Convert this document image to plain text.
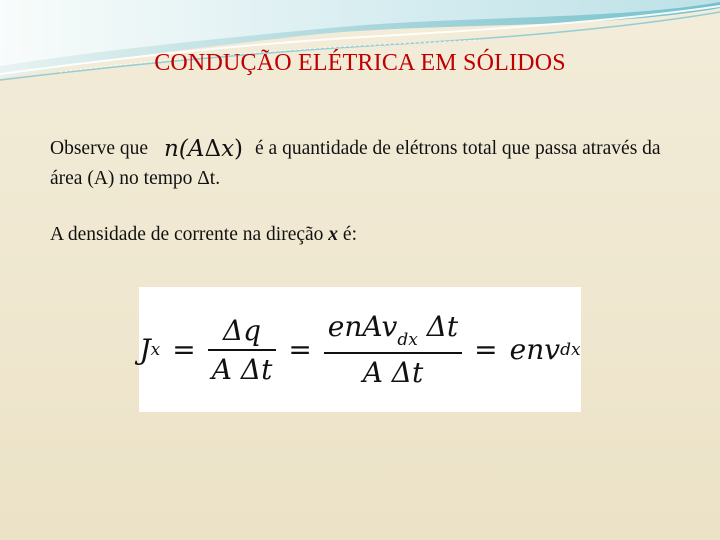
CONDUÇÃO ELÉTRICA EM SÓLIDOS

Observe que n(AΔx) é a quantidade de elétrons total que passa através da área (A) no tempo Δt.

A densidade de corrente na direção x é:

J $x = \frac{\Delta q}{\text{A Δt}} = \frac{enAv_{dx} \Delta t}{\text{A Δt}}$ = env dx
